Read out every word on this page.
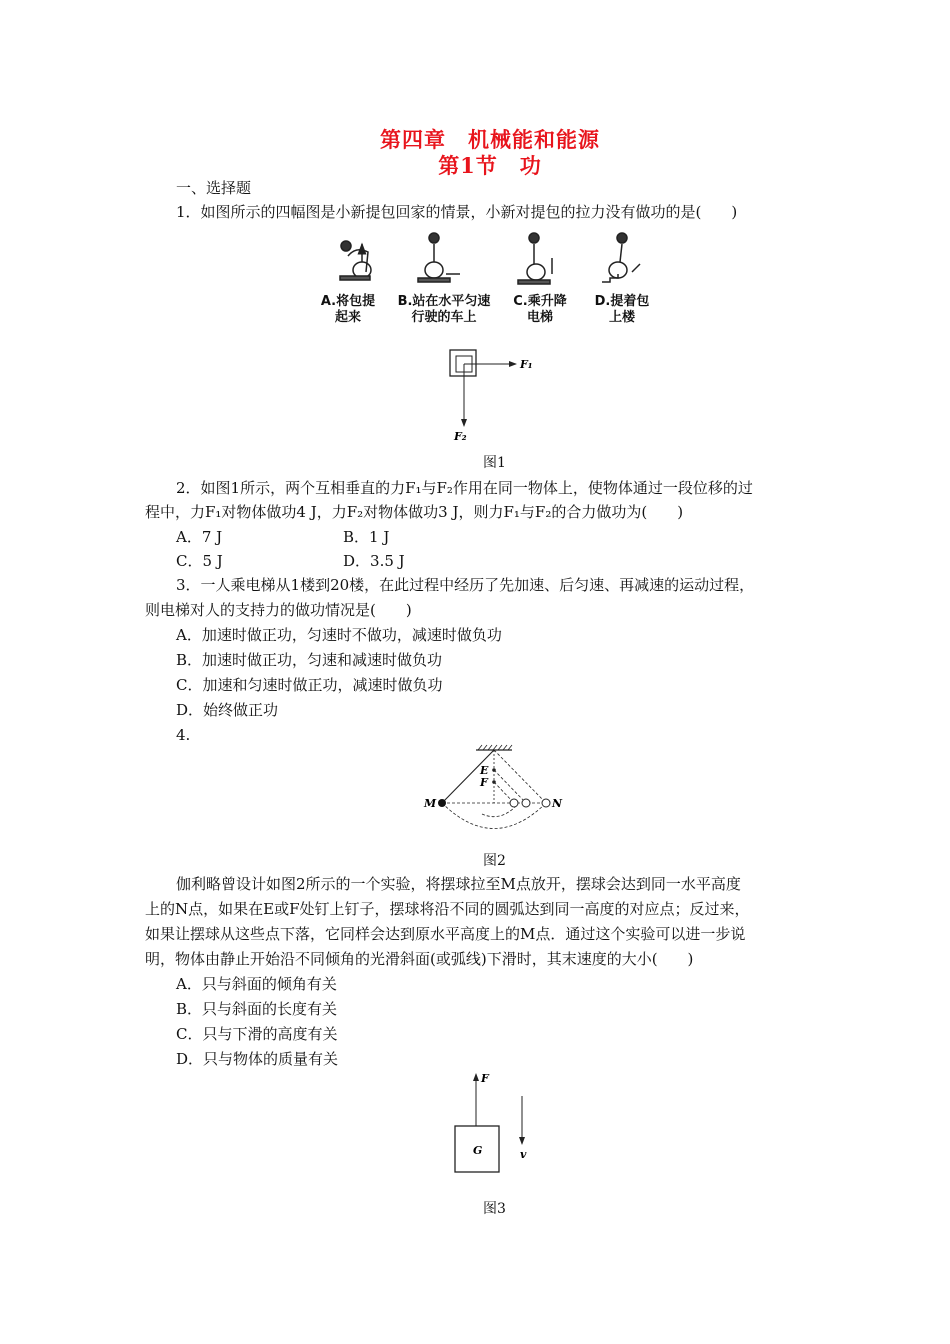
第四章　机械能和能源
第1节　功
一、选择题
1．如图所示的四幅图是小新提包回家的情景，小新对提包的拉力没有做功的是(　　)
A.将包提
起来
B.站在水平匀速
行驶的车上
C.乘升降
电梯
D.提着包
上楼
F₁
F₂
图1
2．如图1所示，两个互相垂直的力F₁与F₂作用在同一物体上，使物体通过一段位移的过
程中，力F₁对物体做功4 J，力F₂对物体做功3 J，则力F₁与F₂的合力做功为(　　)
A．7 J	B．1 J
C．5 J	D．3.5 J
3．一人乘电梯从1楼到20楼，在此过程中经历了先加速、后匀速、再减速的运动过程，
则电梯对人的支持力的做功情况是(　　)
A．加速时做正功，匀速时不做功，减速时做负功
B．加速时做正功，匀速和减速时做负功
C．加速和匀速时做正功，减速时做负功
D．始终做正功
4.
E
F
M	N
图2
伽利略曾设计如图2所示的一个实验，将摆球拉至M点放开，摆球会达到同一水平高度
上的N点，如果在E或F处钉上钉子，摆球将沿不同的圆弧达到同一高度的对应点；反过来，
如果让摆球从这些点下落，它同样会达到原水平高度上的M点．通过这个实验可以进一步说
明，物体由静止开始沿不同倾角的光滑斜面(或弧线)下滑时，其末速度的大小(　　)
A．只与斜面的倾角有关
B．只与斜面的长度有关
C．只与下滑的高度有关
D．只与物体的质量有关
F
G	v
图3
